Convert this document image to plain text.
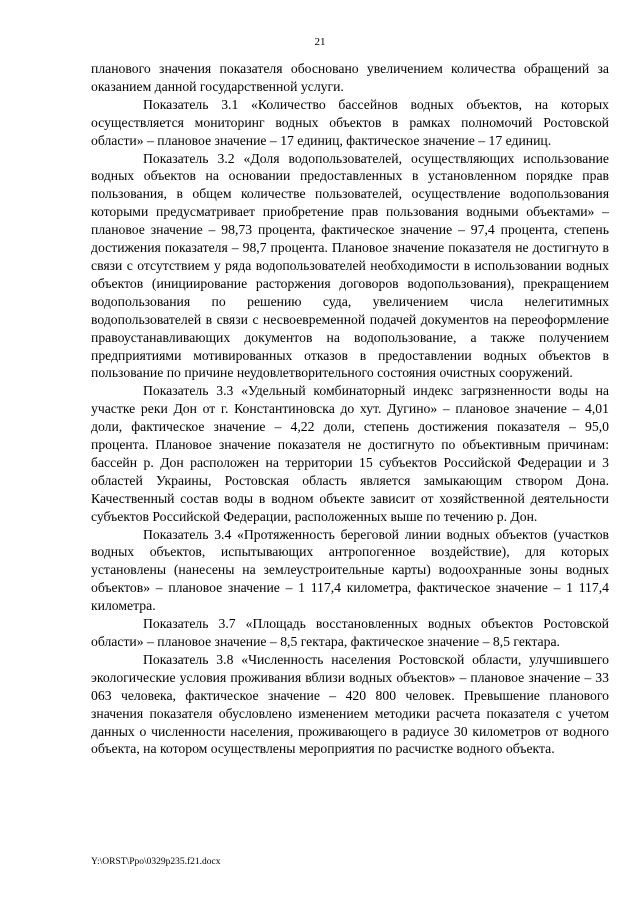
21

планового значения показателя обосновано увеличением количества обращений за оказанием данной государственной услуги.

Показатель 3.1 «Количество бассейнов водных объектов, на которых осуществляется мониторинг водных объектов в рамках полномочий Ростовской области» – плановое значение – 17 единиц, фактическое значение – 17 единиц.

Показатель 3.2 «Доля водопользователей, осуществляющих использование водных объектов на основании предоставленных в установленном порядке прав пользования, в общем количестве пользователей, осуществление водопользования которыми предусматривает приобретение прав пользования водными объектами» – плановое значение – 98,73 процента, фактическое значение – 97,4 процента, степень достижения показателя – 98,7 процента. Плановое значение показателя не достигнуто в связи с отсутствием у ряда водопользователей необходимости в использовании водных объектов (инициирование расторжения договоров водопользования), прекращением водопользования по решению суда, увеличением числа нелегитимных водопользователей в связи с несвоевременной подачей документов на переоформление правоустанавливающих документов на водопользование, а также получением предприятиями мотивированных отказов в предоставлении водных объектов в пользование по причине неудовлетворительного состояния очистных сооружений.

Показатель 3.3 «Удельный комбинаторный индекс загрязненности воды на участке реки Дон от г. Константиновска до хут. Дугино» – плановое значение – 4,01 доли, фактическое значение – 4,22 доли, степень достижения показателя – 95,0 процента. Плановое значение показателя не достигнуто по объективным причинам: бассейн р. Дон расположен на территории 15 субъектов Российской Федерации и 3 областей Украины, Ростовская область является замыкающим створом Дона. Качественный состав воды в водном объекте зависит от хозяйственной деятельности субъектов Российской Федерации, расположенных выше по течению р. Дон.

Показатель 3.4 «Протяженность береговой линии водных объектов (участков водных объектов, испытывающих антропогенное воздействие), для которых установлены (нанесены на землеустроительные карты) водоохранные зоны водных объектов» – плановое значение – 1 117,4 километра, фактическое значение – 1 117,4 километра.

Показатель 3.7 «Площадь восстановленных водных объектов Ростовской области» – плановое значение – 8,5 гектара, фактическое значение – 8,5 гектара.

Показатель 3.8 «Численность населения Ростовской области, улучшившего экологические условия проживания вблизи водных объектов» – плановое значение – 33 063 человека, фактическое значение – 420 800 человек. Превышение планового значения показателя обусловлено изменением методики расчета показателя с учетом данных о численности населения, проживающего в радиусе 30 километров от водного объекта, на котором осуществлены мероприятия по расчистке водного объекта.

Y:\ORST\Ppo\0329p235.f21.docx
